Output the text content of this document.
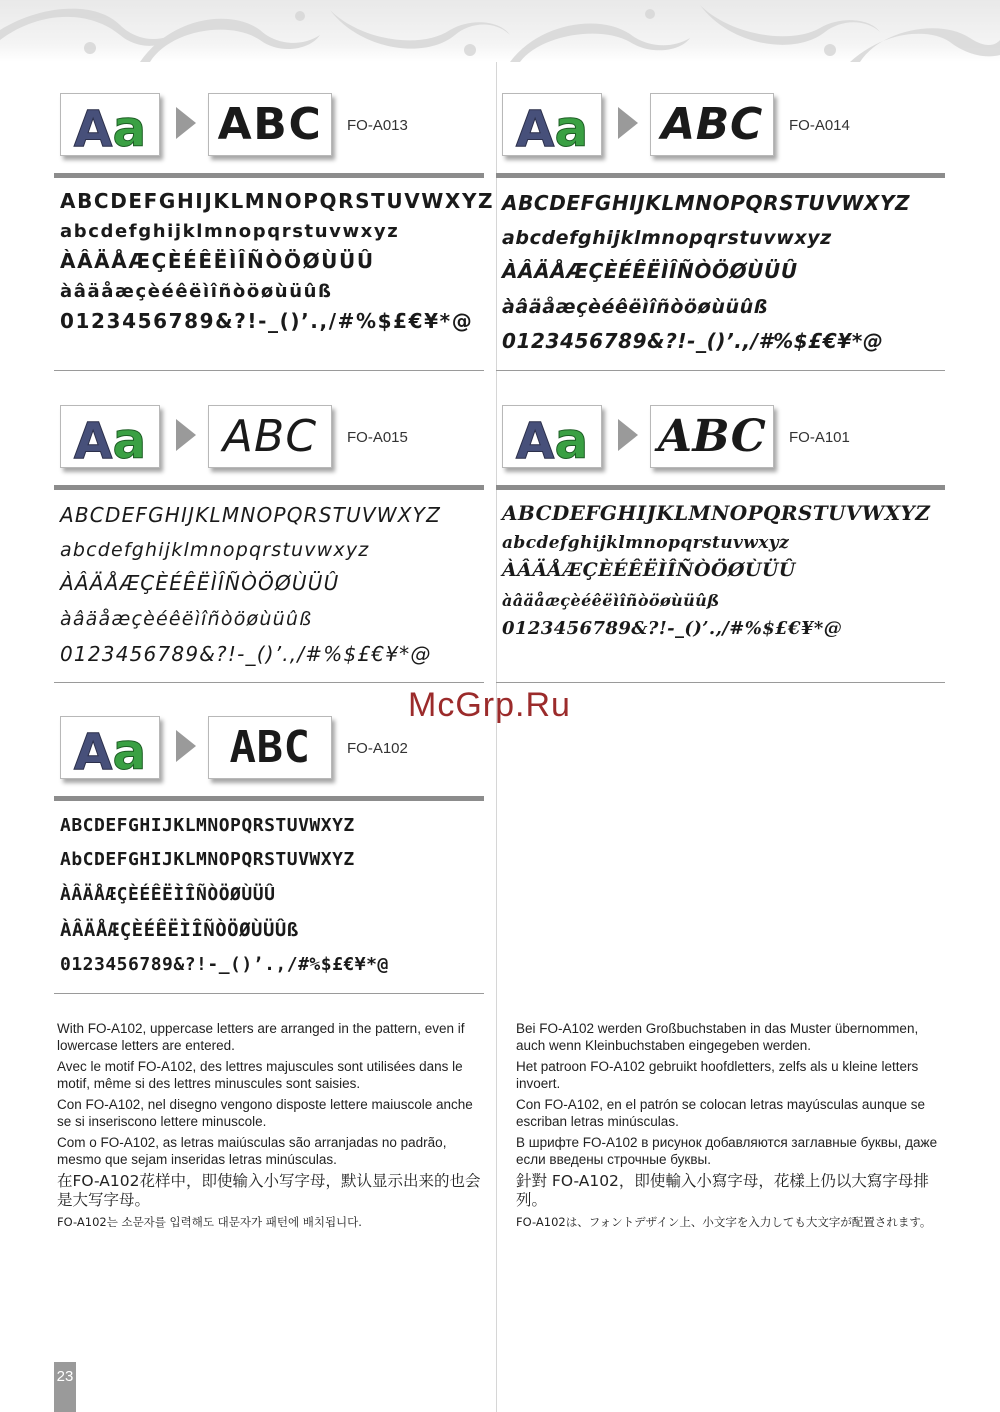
Aa ABC	FO-A013
ABCDEFGHIJKLMNOPQRSTUVWXYZ
abcdefghijklmnopqrstuvwxyz
ÀÂÄÅÆÇÈÉÊËÌÎÑÒÖØÙÜÛ
àâäåæçèéêëìîñòöøùüûß
0123456789&?!-_()’.,/#%$£€¥*@
Aa ABC	FO-A014
ABCDEFGHIJKLMNOPQRSTUVWXYZ
abcdefghijklmnopqrstuvwxyz
ÀÂÄÅÆÇÈÉÊËÌÎÑÒÖØÙÜÛ
àâäåæçèéêëìîñòöøùüûß
0123456789&?!-_()’.,/#%$£€¥*@
Aa	ABC	FO-A015
ABCDEFGHIJKLMNOPQRSTUVWXYZ
abcdefghijklmnopqrstuvwxyz
ÀÂÄÅÆÇÈÉÊËÌÎÑÒÖØÙÜÛ
àâäåæçèéêëìîñòöøùüûß
0123456789&?!-_()’.,/#%$£€¥*@
Aa ABC	FO-A101
ABCDEFGHIJKLMNOPQRSTUVWXYZ
abcdefghijklmnopqrstuvwxyz
ÀÂÄÅÆÇÈÉÊËÌÎÑÒÖØÙÜÛ
àâäåæçèéêëìîñòöøùüûß
0123456789&?!-_()’.,/#%$£€¥*@
Aa	ABC	FO-A102
ABCDEFGHIJKLMNOPQRSTUVWXYZ
AbCDEFGHIJKLMNOPQRSTUVWXYZ
ÀÂÄÅÆÇÈÉÊËÌÎÑÒÖØÙÜÛ
ÀÂÄÅÆÇÈÉÊËÌÎÑÒÖØÙÜÛß
0123456789&?!-_()’.,/#%$£€¥*@

With FO-A102, uppercase letters are arranged in the pattern, even if lowercase letters are entered.

Avec le motif FO-A102, des lettres majuscules sont utilisées dans le motif, même si des lettres minuscules sont saisies.

Con FO-A102, nel disegno vengono disposte lettere maiuscole anche se si inseriscono lettere minuscole.

Com o FO-A102, as letras maiúsculas são arranjadas no padrão, mesmo que sejam inseridas letras minúsculas.

在FO-A102花样中，即使输入小写字母，默认显示出来的也会是大写字母。

FO-A102는 소문자를 입력해도 대문자가 패턴에 배치됩니다.

Bei FO-A102 werden Großbuchstaben in das Muster übernommen, auch wenn Kleinbuchstaben eingegeben werden.

Het patroon FO-A102 gebruikt hoofdletters, zelfs als u kleine letters invoert.

Con FO-A102, en el patrón se colocan letras mayúsculas aunque se escriban letras minúsculas.

В шрифте FO-A102 в рисунок добавляются заглавные буквы, даже если введены строчные буквы.

針對 FO-A102，即使輸入小寫字母，花樣上仍以大寫字母排列。

FO-A102は、フォントデザイン上、小文字を入力しても大文字が配置されます。

McGrp.Ru
23
